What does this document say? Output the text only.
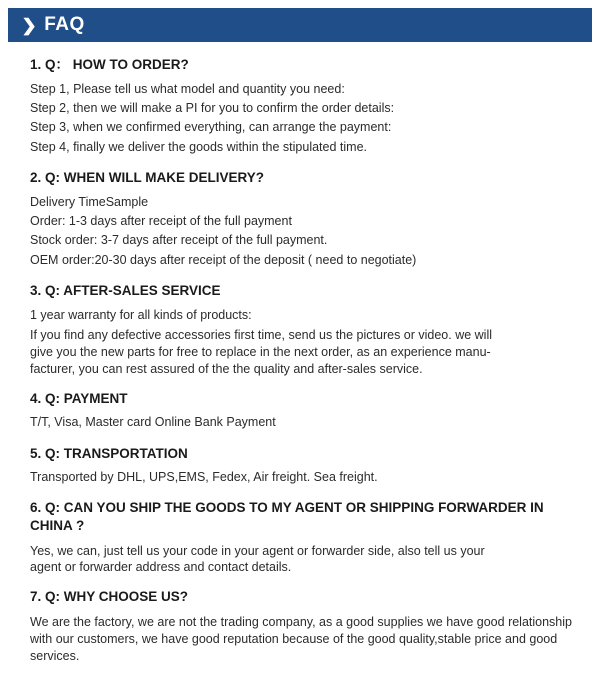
❯ FAQ

1. Q： HOW TO ORDER?

Step 1, Please tell us what model and quantity you need:

Step 2, then we will make a PI for you to confirm the order details:

Step 3, when we confirmed everything, can arrange the payment:

Step 4, finally we deliver the goods within the stipulated time.

2. Q: WHEN WILL MAKE DELIVERY?

Delivery TimeSample

Order: 1-3 days after receipt of the full payment

Stock order: 3-7 days after receipt of the full payment.

OEM order:20-30 days after receipt of the deposit ( need to negotiate)

3. Q: AFTER-SALES SERVICE

1 year warranty for all kinds of products:

If you find any defective accessories first time, send us the pictures or video. we will

give you the new parts for free to replace in the next order, as an experience manu-

facturer, you can rest assured of the the quality and after-sales service.

4. Q: PAYMENT

T/T, Visa, Master card Online Bank Payment

5. Q: TRANSPORTATION

Transported by DHL, UPS,EMS, Fedex, Air freight. Sea freight.

6. Q: CAN YOU SHIP THE GOODS TO MY AGENT OR SHIPPING FORWARDER IN CHINA ?

Yes, we can, just tell us your code in your agent or forwarder side, also tell us your

agent or forwarder address and contact details.

7. Q: WHY CHOOSE US?

We are the factory, we are not the trading company, as a good supplies we have good relationship

with our customers, we have good reputation because of the good quality,stable price and good

services.
